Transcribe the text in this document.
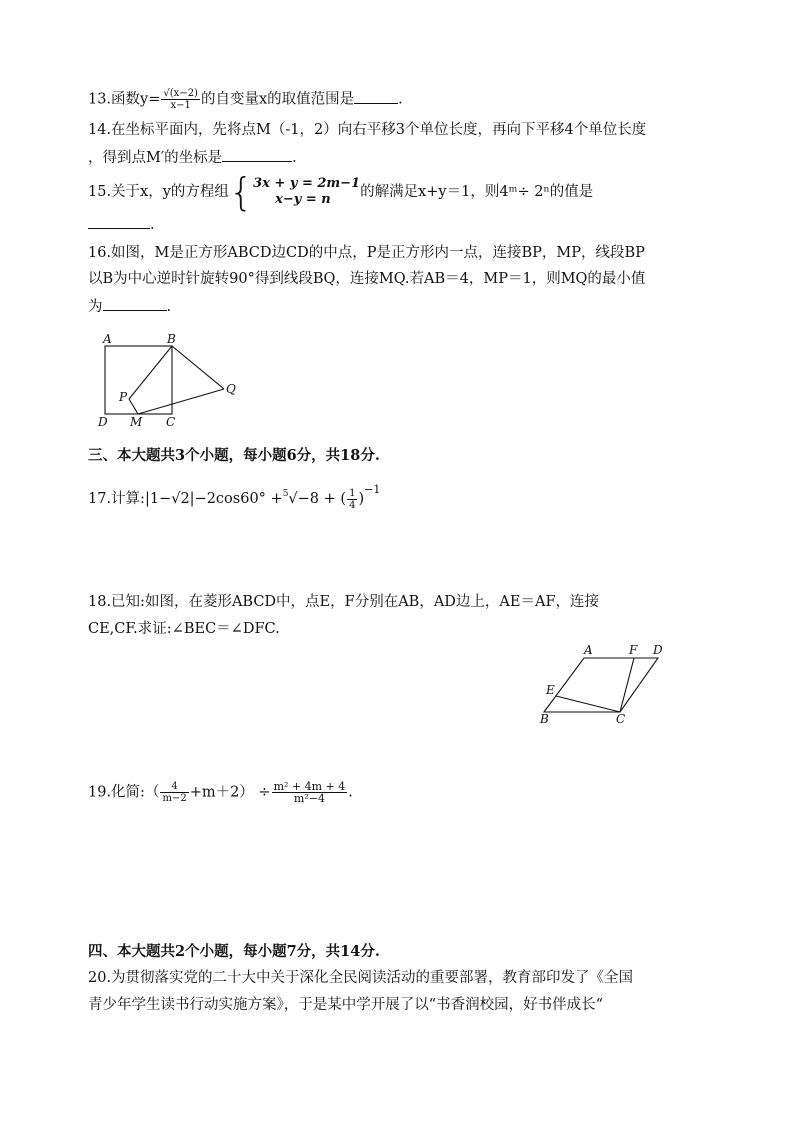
13.函数$y= \frac{√(x-2)}{x-1}$ 的自变量x的取值范围是	.
14.在坐标平面内，先将点M（-1，2）向右平移3个单位长度，再向下平移4个单位长度
，得到点M′的坐标是	.
15.关于x，y的方程组{ 3x + y = 2m−1
x−y = n	的解满足x+y＝1，则4ᵐ÷ 2ⁿ的值是
.
16.如图，M是正方形ABCD边CD的中点，P是正方形内一点，连接BP，MP，线段BP
以B为中心逆时针旋转90°得到线段BQ，连接MQ.若AB＝4，MP＝1，则MQ的最小值
为	.
A	B
P
Q
D M C
三、本大题共3个小题，每小题6分，共18分.
17.计算:|1−√2|−2cos60° +$^5$√−8 + ( $\frac{1}{4} )^{-1}$
18.已知:如图，在菱形ABCD中，点E，F分别在AB，AD边上，AE＝AF，连接
CE,CF.求证:∠BEC＝∠DFC.
A	F D
E
B	C
19.化简:（ $\frac{4}{m-2} +m+2) \div \frac{\text{m² + 4m + 4}}{\text{m²−4}}$ .
四、本大题共2个小题，每小题7分，共14分.
20.为贯彻落实党的二十大中关于深化全民阅读活动的重要部署，教育部印发了《全国
青少年学生读书行动实施方案》，于是某中学开展了以“书香润校园，好书伴成长“
